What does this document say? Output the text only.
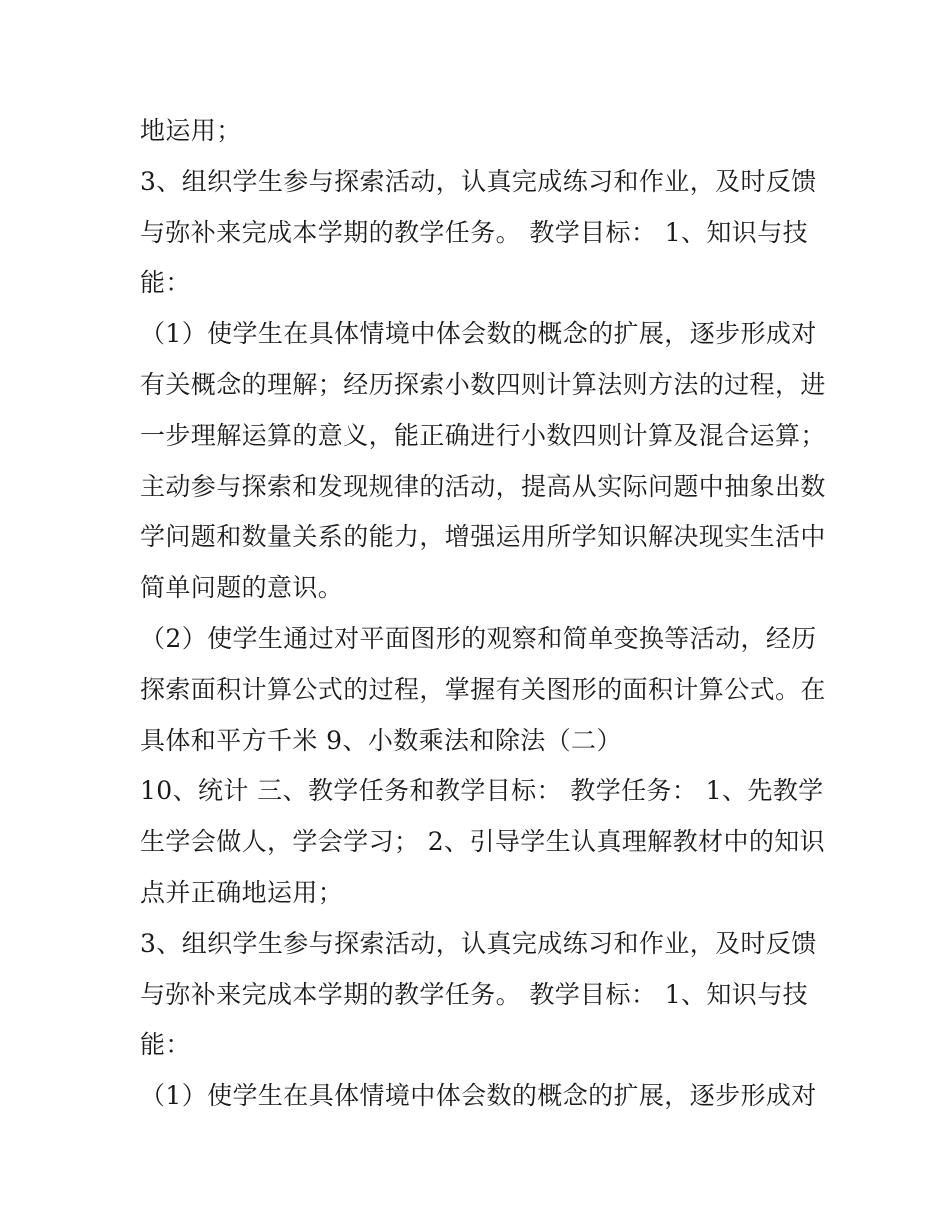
地运用；
3、组织学生参与探索活动，认真完成练习和作业，及时反馈
与弥补来完成本学期的教学任务。 教学目标： 1、知识与技
能：
（1）使学生在具体情境中体会数的概念的扩展，逐步形成对
有关概念的理解；经历探索小数四则计算法则方法的过程，进
一步理解运算的意义，能正确进行小数四则计算及混合运算；
主动参与探索和发现规律的活动，提高从实际问题中抽象出数
学问题和数量关系的能力，增强运用所学知识解决现实生活中
简单问题的意识。
（2）使学生通过对平面图形的观察和简单变换等活动，经历
探索面积计算公式的过程，掌握有关图形的面积计算公式。在
具体和平方千米 9、小数乘法和除法（二）
10、统计 三、教学任务和教学目标： 教学任务： 1、先教学
生学会做人，学会学习； 2、引导学生认真理解教材中的知识
点并正确地运用；
3、组织学生参与探索活动，认真完成练习和作业，及时反馈
与弥补来完成本学期的教学任务。 教学目标： 1、知识与技
能：
（1）使学生在具体情境中体会数的概念的扩展，逐步形成对
